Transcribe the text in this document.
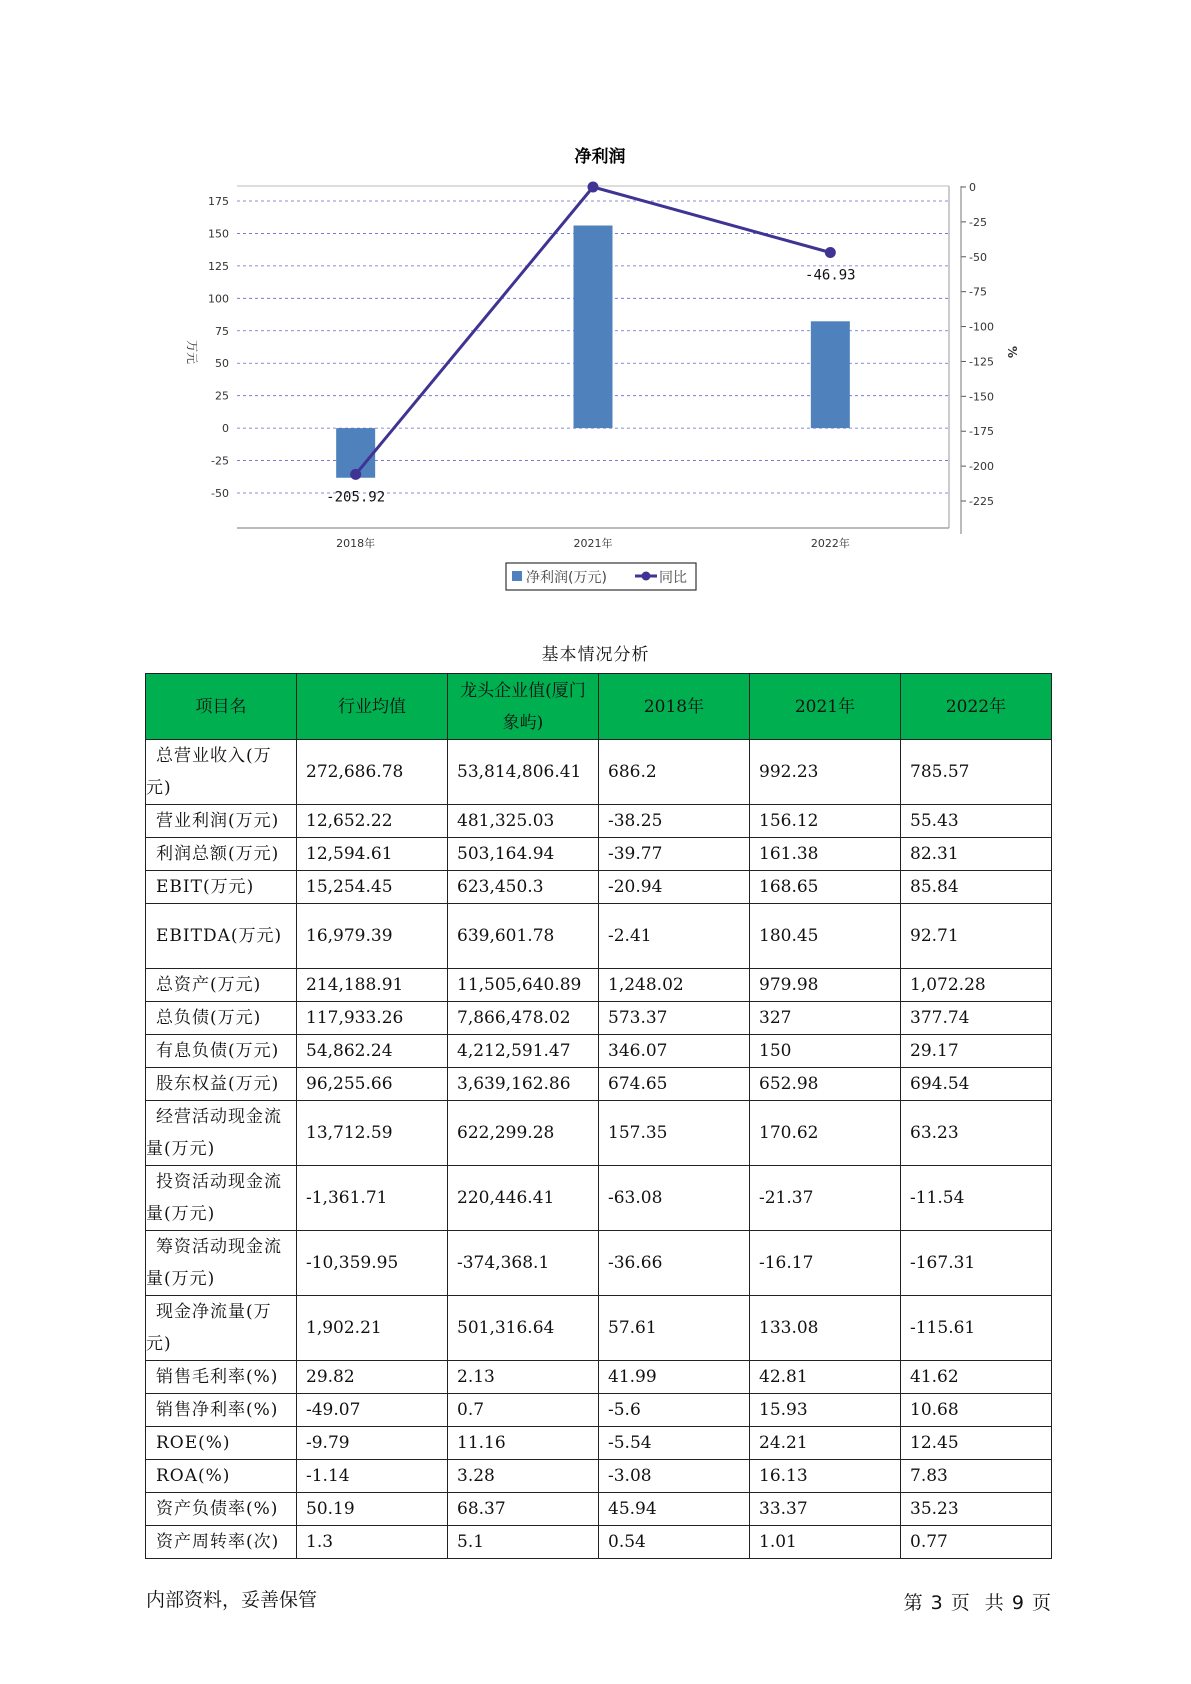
净利润
175
150
125
100
75
50
25
0
-25
-50
0
-25
-50
-75
-100
-125
-150
-175
-200
-225
万元	%
2018年	2021年	2022年
-205.92
-46.93
净利润(万元)	同比
基本情况分析
项目名	行业均值	龙头企业值(厦门象屿)	2018年	2021年	2022年
总营业收入(万元)	272,686.78	53,814,806.41	686.2	992.23	785.57
营业利润(万元)	12,652.22	481,325.03	-38.25	156.12	55.43
利润总额(万元)	12,594.61	503,164.94	-39.77	161.38	82.31
EBIT(万元)	15,254.45	623,450.3	-20.94	168.65	85.84
EBITDA(万元)	16,979.39	639,601.78	-2.41	180.45	92.71
总资产(万元)	214,188.91	11,505,640.89	1,248.02	979.98	1,072.28
总负债(万元)	117,933.26	7,866,478.02	573.37	327	377.74
有息负债(万元)	54,862.24	4,212,591.47	346.07	150	29.17
股东权益(万元)	96,255.66	3,639,162.86	674.65	652.98	694.54
经营活动现金流量(万元)	13,712.59	622,299.28	157.35	170.62	63.23
投资活动现金流量(万元)	-1,361.71	220,446.41	-63.08	-21.37	-11.54
筹资活动现金流量(万元)	-10,359.95	-374,368.1	-36.66	-16.17	-167.31
现金净流量(万元)	1,902.21	501,316.64	57.61	133.08	-115.61
销售毛利率(%)	29.82	2.13	41.99	42.81	41.62
销售净利率(%)	-49.07	0.7	-5.6	15.93	10.68
ROE(%)	-9.79	11.16	-5.54	24.21	12.45
ROA(%)	-1.14	3.28	-3.08	16.13	7.83
资产负债率(%)	50.19	68.37	45.94	33.37	35.23
资产周转率(次)	1.3	5.1	0.54	1.01	0.77
内部资料，妥善保管	第 3 页 共 9 页
